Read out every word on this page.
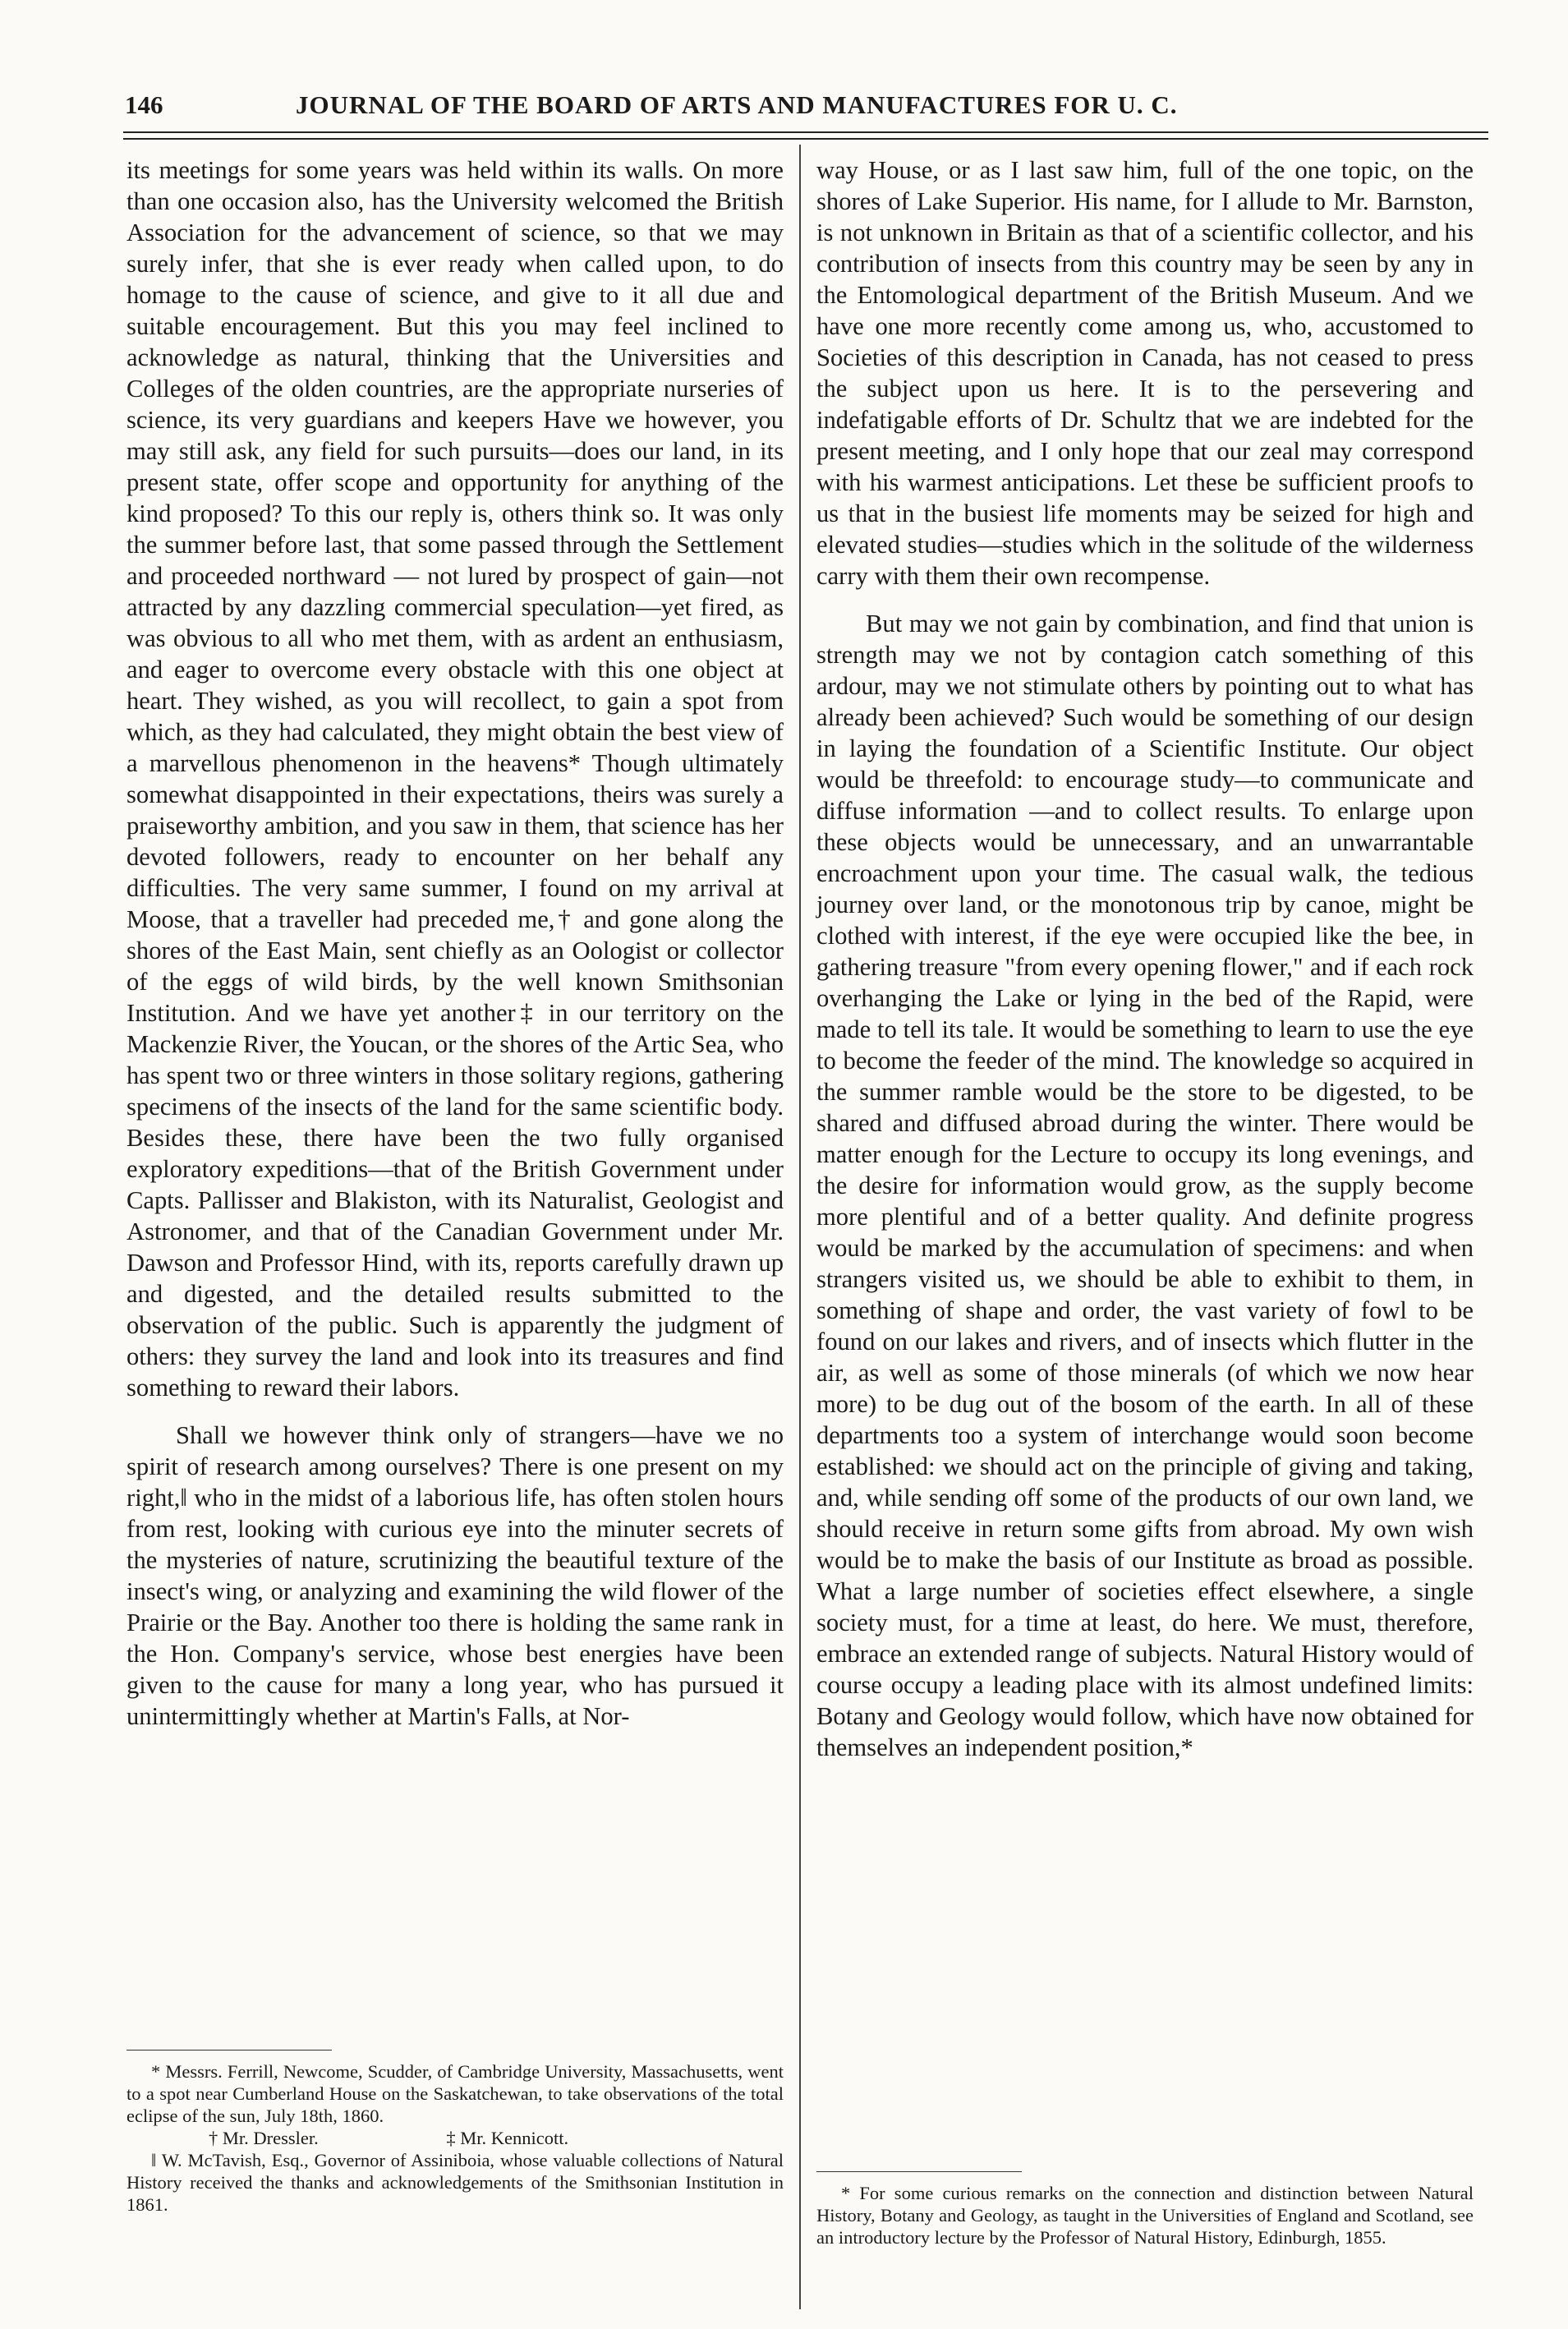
146	JOURNAL OF THE BOARD OF ARTS AND MANUFACTURES FOR U. C.

its meetings for some years was held within its walls. On more than one occasion also, has the University welcomed the British Association for the advancement of science, so that we may surely infer, that she is ever ready when called upon, to do homage to the cause of science, and give to it all due and suitable encouragement. But this you may feel inclined to acknowledge as natural, thinking that the Universities and Colleges of the olden countries, are the appropriate nurseries of science, its very guardians and keepers Have we however, you may still ask, any field for such pursuits—does our land, in its present state, offer scope and opportunity for anything of the kind proposed? To this our reply is, others think so. It was only the summer before last, that some passed through the Settlement and proceeded northward — not lured by prospect of gain—not attracted by any dazzling commercial speculation—yet fired, as was obvious to all who met them, with as ardent an enthusiasm, and eager to overcome every obstacle with this one object at heart. They wished, as you will recollect, to gain a spot from which, as they had calculated, they might obtain the best view of a marvellous phenomenon in the heavens* Though ultimately somewhat disappointed in their expectations, theirs was surely a praiseworthy ambition, and you saw in them, that science has her devoted followers, ready to encounter on her behalf any difficulties. The very same summer, I found on my arrival at Moose, that a traveller had preceded me,† and gone along the shores of the East Main, sent chiefly as an Oologist or collector of the eggs of wild birds, by the well known Smithsonian Institution. And we have yet another‡ in our territory on the Mackenzie River, the Youcan, or the shores of the Artic Sea, who has spent two or three winters in those solitary regions, gathering specimens of the insects of the land for the same scientific body. Besides these, there have been the two fully organised exploratory expeditions—that of the British Government under Capts. Pallisser and Blakiston, with its Naturalist, Geologist and Astronomer, and that of the Canadian Government under Mr. Dawson and Professor Hind, with its, reports carefully drawn up and digested, and the detailed results submitted to the observation of the public. Such is apparently the judgment of others: they survey the land and look into its treasures and find something to reward their labors.

Shall we however think only of strangers—have we no spirit of research among ourselves? There is one present on my right,‖ who in the midst of a laborious life, has often stolen hours from rest, looking with curious eye into the minuter secrets of the mysteries of nature, scrutinizing the beautiful texture of the insect's wing, or analyzing and examining the wild flower of the Prairie or the Bay. Another too there is holding the same rank in the Hon. Company's service, whose best energies have been given to the cause for many a long year, who has pursued it unintermittingly whether at Martin's Falls, at Nor-

way House, or as I last saw him, full of the one topic, on the shores of Lake Superior. His name, for I allude to Mr. Barnston, is not unknown in Britain as that of a scientific collector, and his contribution of insects from this country may be seen by any in the Entomological department of the British Museum. And we have one more recently come among us, who, accustomed to Societies of this description in Canada, has not ceased to press the subject upon us here. It is to the persevering and indefatigable efforts of Dr. Schultz that we are indebted for the present meeting, and I only hope that our zeal may correspond with his warmest anticipations. Let these be sufficient proofs to us that in the busiest life moments may be seized for high and elevated studies—studies which in the solitude of the wilderness carry with them their own recompense.

But may we not gain by combination, and find that union is strength may we not by contagion catch something of this ardour, may we not stimulate others by pointing out to what has already been achieved? Such would be something of our design in laying the foundation of a Scientific Institute. Our object would be threefold: to encourage study—to communicate and diffuse information —and to collect results. To enlarge upon these objects would be unnecessary, and an unwarrantable encroachment upon your time. The casual walk, the tedious journey over land, or the monotonous trip by canoe, might be clothed with interest, if the eye were occupied like the bee, in gathering treasure "from every opening flower," and if each rock overhanging the Lake or lying in the bed of the Rapid, were made to tell its tale. It would be something to learn to use the eye to become the feeder of the mind. The knowledge so acquired in the summer ramble would be the store to be digested, to be shared and diffused abroad during the winter. There would be matter enough for the Lecture to occupy its long evenings, and the desire for information would grow, as the supply become more plentiful and of a better quality. And definite progress would be marked by the accumulation of specimens: and when strangers visited us, we should be able to exhibit to them, in something of shape and order, the vast variety of fowl to be found on our lakes and rivers, and of insects which flutter in the air, as well as some of those minerals (of which we now hear more) to be dug out of the bosom of the earth. In all of these departments too a system of interchange would soon become established: we should act on the principle of giving and taking, and, while sending off some of the products of our own land, we should receive in return some gifts from abroad. My own wish would be to make the basis of our Institute as broad as possible. What a large number of societies effect elsewhere, a single society must, for a time at least, do here. We must, therefore, embrace an extended range of subjects. Natural History would of course occupy a leading place with its almost undefined limits: Botany and Geology would follow, which have now obtained for themselves an independent position,*

* Messrs. Ferrill, Newcome, Scudder, of Cambridge University, Massachusetts, went to a spot near Cumberland House on the Saskatchewan, to take observations of the total eclipse of the sun, July 18th, 1860.

† Mr. Dressler.	‡ Mr. Kennicott.

‖ W. McTavish, Esq., Governor of Assiniboia, whose valuable collections of Natural History received the thanks and acknowledgements of the Smithsonian Institution in 1861.

* For some curious remarks on the connection and distinction between Natural History, Botany and Geology, as taught in the Universities of England and Scotland, see an introductory lecture by the Professor of Natural History, Edinburgh, 1855.
